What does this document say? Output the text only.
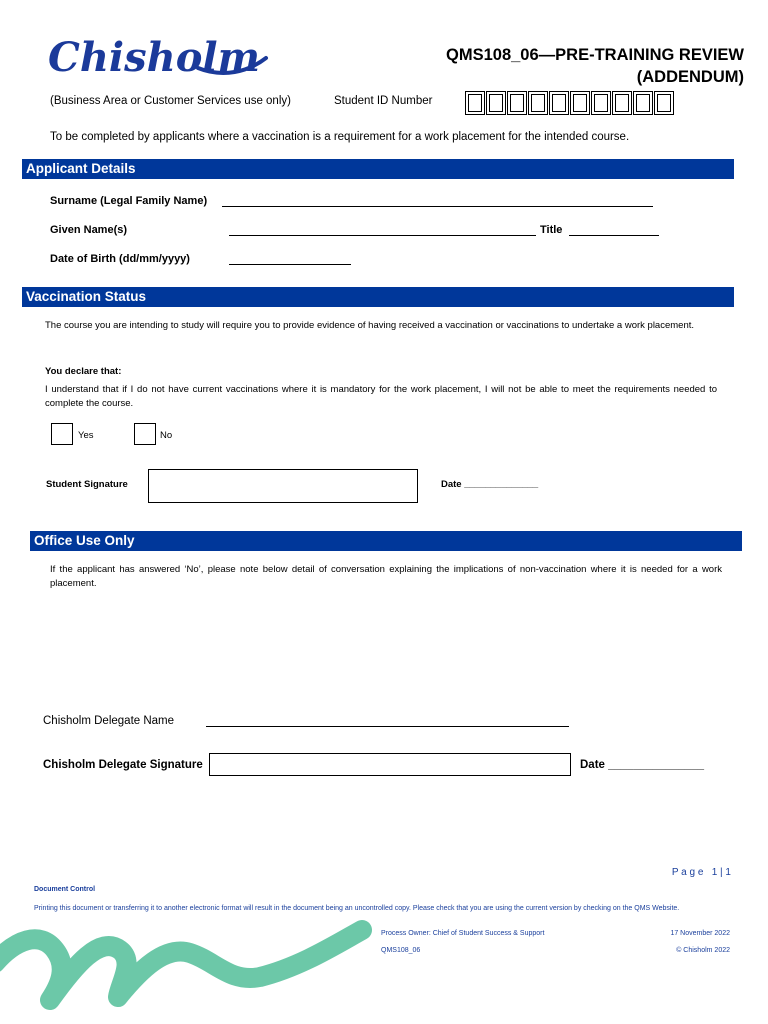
Chisholm	QMS108_06—PRE-TRAINING REVIEW
(ADDENDUM)
(Business Area or Customer Services use only)	Student ID Number
To be completed by applicants where a vaccination is a requirement for a work placement for the intended course.
Applicant Details
Surname (Legal Family Name)
Given Name(s)	Title
Date of Birth (dd/mm/yyyy)
Vaccination Status
The course you are intending to study will require you to provide evidence of having received a vaccination or vaccinations to undertake a work placement.
You declare that:
I understand that if I do not have current vaccinations where it is mandatory for the work placement, I will not be able to meet the requirements needed to complete the course.
Yes	No
Student Signature	Date ______________
Office Use Only
If the applicant has answered ‘No’, please note below detail of conversation explaining the implications of non-vaccination where it is needed for a work placement.
Chisholm Delegate Name
Chisholm Delegate Signature	Date _______________
P a g e   1 | 1
Document Control
Printing this document or transferring it to another electronic format will result in the document being an uncontrolled copy. Please check that you are using the current version by checking on the QMS Website.
Process Owner: Chief of Student Success & Support	17 November 2022
QMS108_06	© Chisholm 2022
